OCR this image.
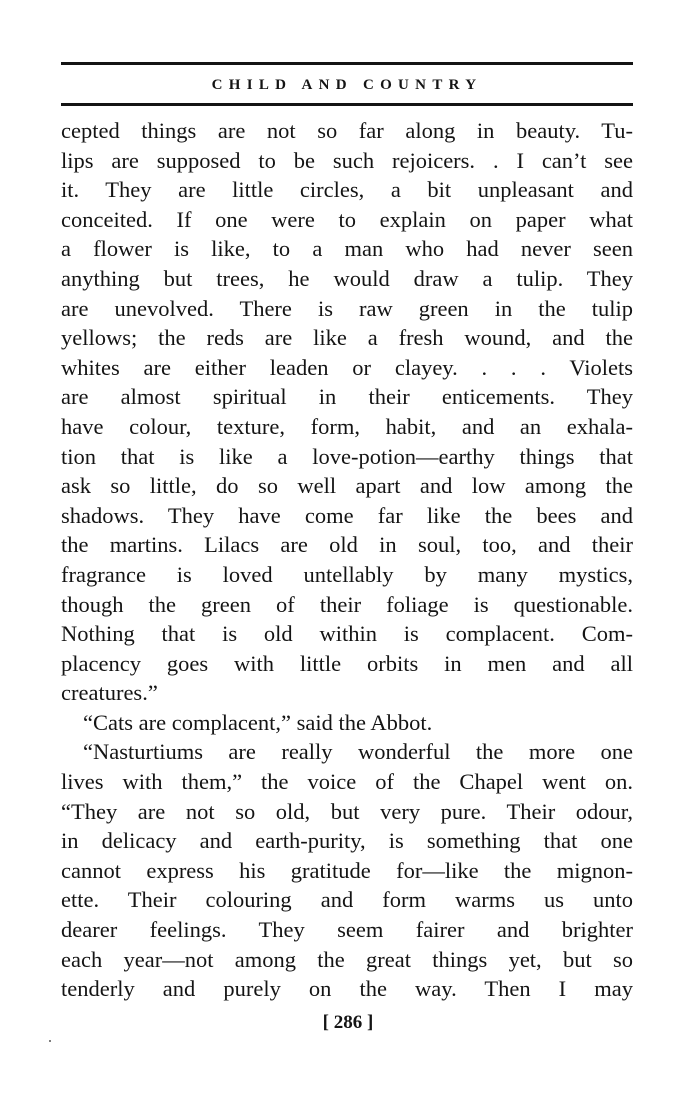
CHILD AND COUNTRY
cepted things are not so far along in beauty. Tu-
lips are supposed to be such rejoicers. . I can’t see
it. They are little circles, a bit unpleasant and
conceited. If one were to explain on paper what
a flower is like, to a man who had never seen
anything but trees, he would draw a tulip. They
are unevolved. There is raw green in the tulip
yellows; the reds are like a fresh wound, and the
whites are either leaden or clayey. . . . Violets
are almost spiritual in their enticements. They
have colour, texture, form, habit, and an exhala-
tion that is like a love-potion—earthy things that
ask so little, do so well apart and low among the
shadows. They have come far like the bees and
the martins. Lilacs are old in soul, too, and their
fragrance is loved untellably by many mystics,
though the green of their foliage is questionable.
Nothing that is old within is complacent. Com-
placency goes with little orbits in men and all
creatures.”
“Cats are complacent,” said the Abbot.
“Nasturtiums are really wonderful the more one
lives with them,” the voice of the Chapel went on.
“They are not so old, but very pure. Their odour,
in delicacy and earth-purity, is something that one
cannot express his gratitude for—like the mignon-
ette. Their colouring and form warms us unto
dearer feelings. They seem fairer and brighter
each year—not among the great things yet, but so
tenderly and purely on the way. Then I may
[ 286 ]
